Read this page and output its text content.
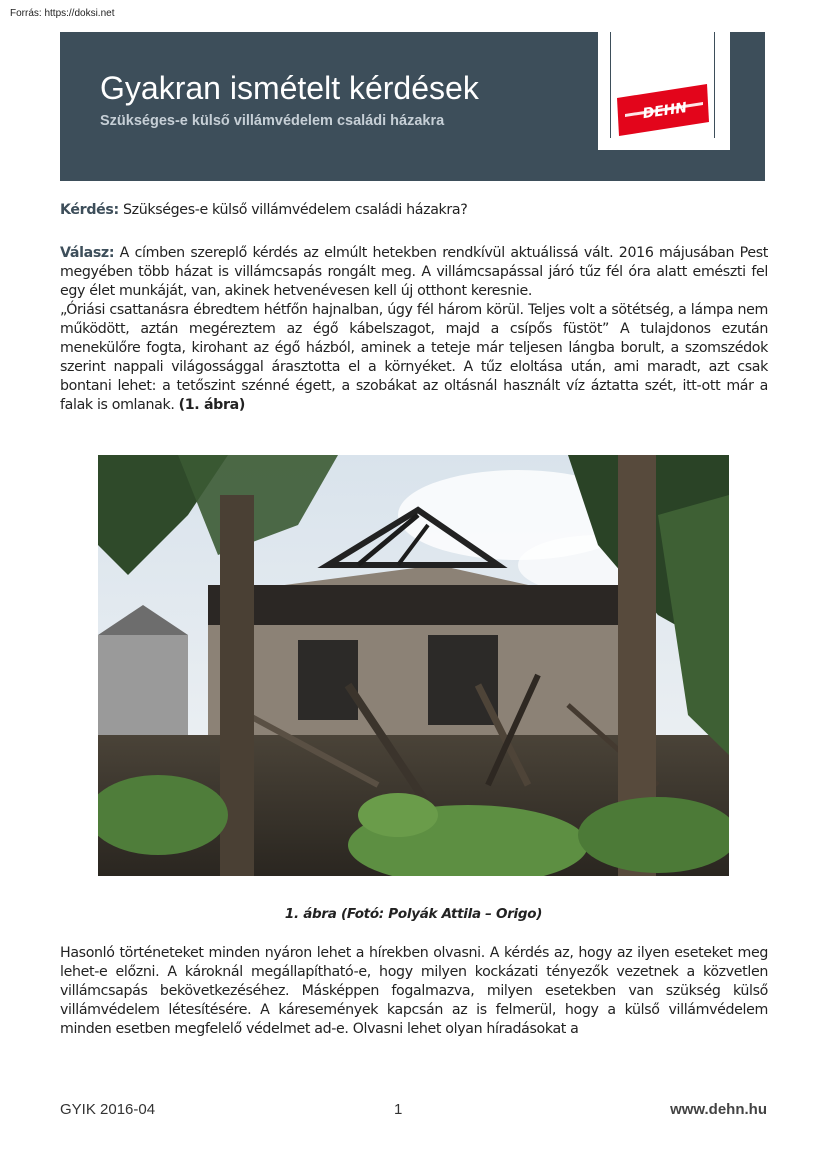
Forrás: https://doksi.net
Gyakran ismételt kérdések
Szükséges-e külső villámvédelem családi házakra	DEHN
Kérdés: Szükséges-e külső villámvédelem családi házakra?

Válasz: A címben szereplő kérdés az elmúlt hetekben rendkívül aktuálissá vált. 2016 májusában Pest megyében több házat is villámcsapás rongált meg. A villámcsapással járó tűz fél óra alatt emészti fel egy élet munkáját, van, akinek hetvenévesen kell új otthont keresnie.

„Óriási csattanásra ébredtem hétfőn hajnalban, úgy fél három körül. Teljes volt a sötétség, a lámpa nem működött, aztán megéreztem az égő kábelszagot, majd a csípős füstöt” A tulajdonos ezután menekülőre fogta, kirohant az égő házból, aminek a teteje már teljesen lángba borult, a szomszédok szerint nappali világossággal árasztotta el a környéket. A tűz eloltása után, ami maradt, azt csak bontani lehet: a tetőszint szénné égett, a szobákat az oltásnál használt víz áztatta szét, itt-ott már a falak is omlanak. (1. ábra)

1. ábra (Fotó: Polyák Attila – Origo)
Hasonló történeteket minden nyáron lehet a hírekben olvasni. A kérdés az, hogy az ilyen eseteket meg lehet-e előzni. A károknál megállapítható-e, hogy milyen kockázati tényezők vezetnek a közvetlen villámcsapás bekövetkezéséhez. Másképpen fogalmazva, milyen esetekben van szükség külső villámvédelem létesítésére. A káresemények kapcsán az is felmerül, hogy a külső villámvédelem minden esetben megfelelő védelmet ad-e. Olvasni lehet olyan híradásokat a
GYIK 2016-04	1	www.dehn.hu
